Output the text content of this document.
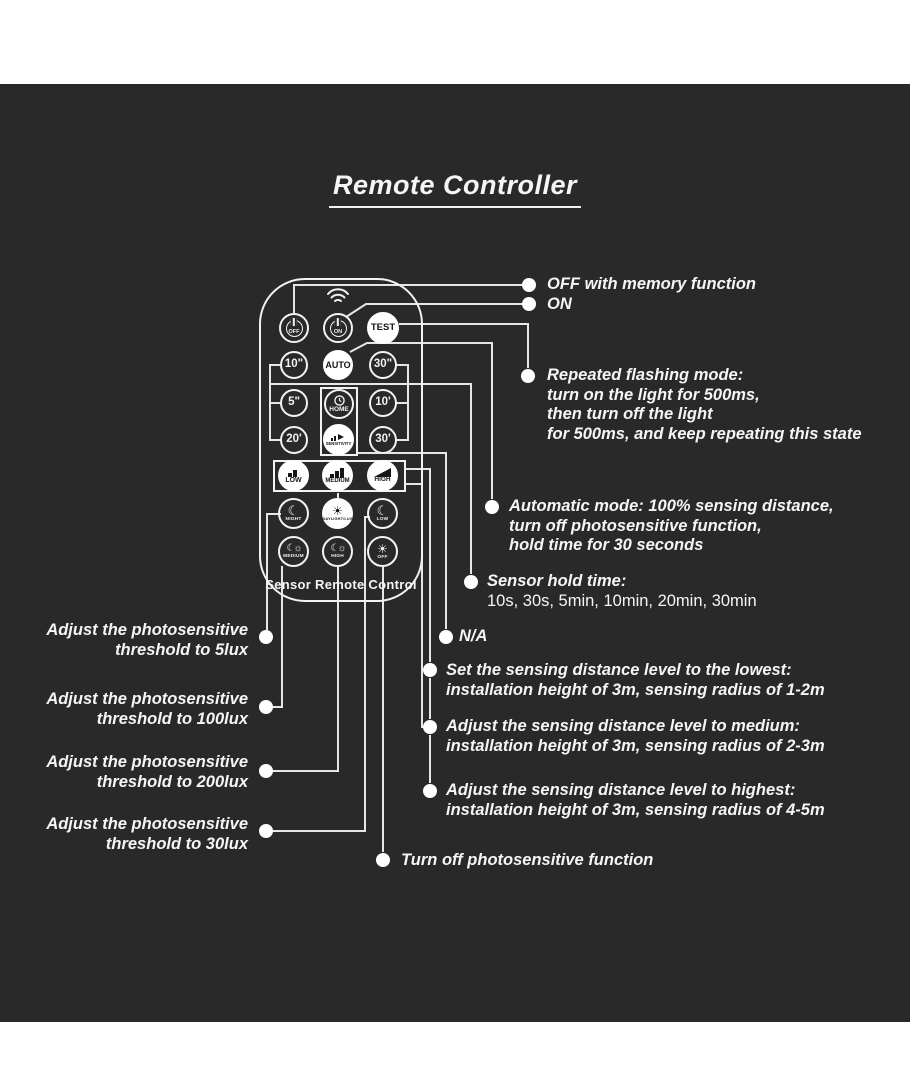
Remote Controller
OFF	ON	TEST
10" AUTO 30"
5"
HOME
10'
20'	SENSITIVITY 30'
LOW	MEDIUM	HIGH
☾
NIGHT
☀
DAYLIGHT/LUX
☾
LOW
☾☼
MEDIUM
☾☼
HIGH
☀
OFF
Sensor Remote Control
OFF with memory function
ON
Repeated flashing mode:
turn on the light for 500ms,
then turn off the light
for 500ms, and keep repeating this state
Automatic mode: 100% sensing distance,
turn off photosensitive function,
hold time for 30 seconds
Sensor hold time:
10s, 30s, 5min, 10min, 20min, 30min
N/A
Set the sensing distance level to the lowest:
installation height of 3m, sensing radius of 1-2m
Adjust the sensing distance level to medium:
installation height of 3m, sensing radius of 2-3m
Adjust the sensing distance level to highest:
installation height of 3m, sensing radius of 4-5m
Turn off photosensitive function
Adjust the photosensitive
threshold to 5lux
Adjust the photosensitive
threshold to 100lux
Adjust the photosensitive
threshold to 200lux
Adjust the photosensitive
threshold to 30lux
